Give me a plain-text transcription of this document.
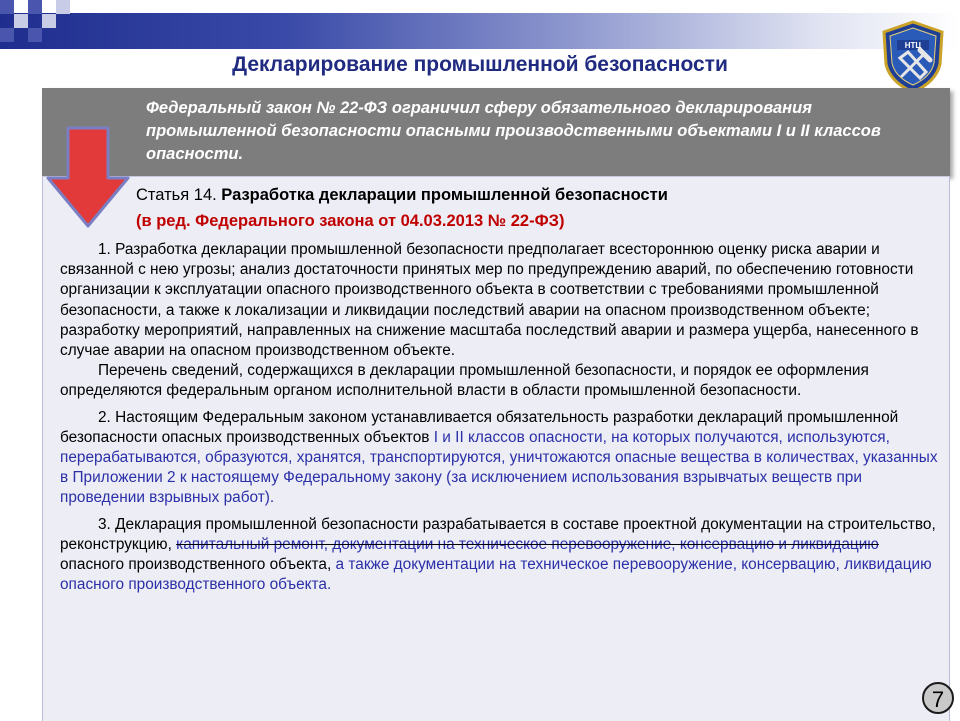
Декларирование промышленной безопасности
НТЦ

Федеральный закон № 22-ФЗ ограничил сферу обязательного декларирования промышленной безопасности опасными производственными объектами I и II классов опасности.

Статья 14. Разработка декларации промышленной безопасности
(в ред. Федерального закона от 04.03.2013 № 22-ФЗ)

1. Разработка декларации промышленной безопасности предполагает всестороннюю оценку риска аварии и связанной с нею угрозы; анализ достаточности принятых мер по предупреждению аварий, по обеспечению готовности организации к эксплуатации опасного производственного объекта в соответствии с требованиями промышленной безопасности, а также к локализации и ликвидации последствий аварии на опасном производственном объекте; разработку мероприятий, направленных на снижение масштаба последствий аварии и размера ущерба, нанесенного в случае аварии на опасном производственном объекте.

Перечень сведений, содержащихся в декларации промышленной безопасности, и порядок ее оформления определяются федеральным органом исполнительной власти в области промышленной безопасности.

2. Настоящим Федеральным законом устанавливается обязательность разработки деклараций промышленной безопасности опасных производственных объектов I и II классов опасности, на которых получаются, используются, перерабатываются, образуются, хранятся, транспортируются, уничтожаются опасные вещества в количествах, указанных в Приложении 2 к настоящему Федеральному закону (за исключением использования взрывчатых веществ при проведении взрывных работ).

3. Декларация промышленной безопасности разрабатывается в составе проектной документации на строительство, реконструкцию, капитальный ремонт, документации на техническое перевооружение, консервацию и ликвидацию опасного производственного объекта, а также документации на техническое перевооружение, консервацию, ликвидацию опасного производственного объекта.

7
